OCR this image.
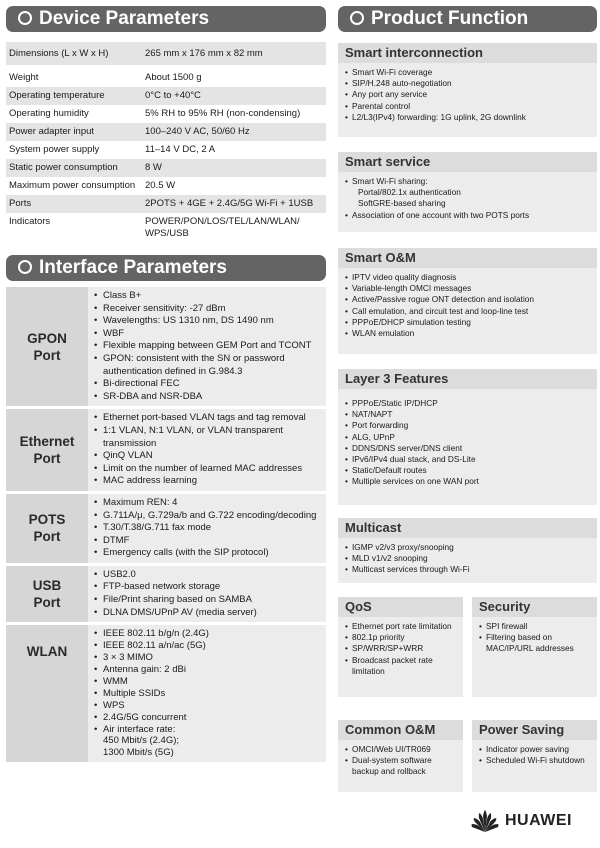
Device Parameters
Dimensions (L x W x H)	265 mm x 176 mm x 82 mm
Weight	About 1500 g
Operating temperature	0°C to +40°C
Operating humidity	5% RH to 95% RH (non-condensing)
Power adapter input	100–240 V AC, 50/60 Hz
System power supply	11–14 V DC, 2 A
Static power consumption	8 W
Maximum power consumption	20.5 W
Ports	2POTS + 4GE + 2.4G/5G Wi-Fi + 1USB
Indicators	POWER/PON/LOS/TEL/LAN/WLAN/ WPS/USB
Interface Parameters
GPON Port
• Class B+
• Receiver sensitivity: -27 dBm
• Wavelengths: US 1310 nm, DS 1490 nm
• WBF
• Flexible mapping between GEM Port and TCONT
• GPON: consistent with the SN or password authentication defined in G.984.3
• Bi-directional FEC
• SR-DBA and NSR-DBA
Ethernet Port
• Ethernet port-based VLAN tags and tag removal
• 1:1 VLAN, N:1 VLAN, or VLAN transparent transmission
• QinQ VLAN
• Limit on the number of learned MAC addresses
• MAC address learning
POTS Port
• Maximum REN: 4
• G.711A/μ, G.729a/b and G.722 encoding/decoding
• T.30/T.38/G.711 fax mode
• DTMF
• Emergency calls (with the SIP protocol)
USB Port
• USB2.0
• FTP-based network storage
• File/Print sharing based on SAMBA
• DLNA DMS/UPnP AV (media server)
WLAN
• IEEE 802.11 b/g/n (2.4G)
• IEEE 802.11 a/n/ac (5G)
• 3 × 3 MIMO
• Antenna gain: 2 dBi
• WMM
• Multiple SSIDs
• WPS
• 2.4G/5G concurrent
• Air interface rate:
450 Mbit/s (2.4G);
1300 Mbit/s (5G)
Product Function
Smart interconnection
• Smart Wi-Fi coverage
• SIP/H.248 auto-negotiation
• Any port any service
• Parental control
• L2/L3(IPv4) forwarding: 1G uplink, 2G downlink
Smart service
• Smart Wi-Fi sharing:
Portal/802.1x authentication
SoftGRE-based sharing
• Association of one account with two POTS ports
Smart O&M
• IPTV video quality diagnosis
• Variable-length OMCI messages
• Active/Passive rogue ONT detection and isolation
• Call emulation, and circuit test and loop-line test
• PPPoE/DHCP simulation testing
• WLAN emulation
Layer 3 Features
• PPPoE/Static IP/DHCP
• NAT/NAPT
• Port forwarding
• ALG, UPnP
• DDNS/DNS server/DNS client
• IPv6/IPv4 dual stack, and DS-Lite
• Static/Default routes
• Multiple services on one WAN port
Multicast
• IGMP v2/v3 proxy/snooping
• MLD v1/v2 snooping
• Multicast services through Wi-Fi
QoS
• Ethernet port rate limitation
• 802.1p priority
• SP/WRR/SP+WRR
• Broadcast packet rate limitation
Security
• SPI firewall
• Filtering based on MAC/IP/URL addresses
Common O&M
• OMCI/Web UI/TR069
• Dual-system software backup and rollback
Power Saving
• Indicator power saving
• Scheduled Wi-Fi shutdown
HUAWEI
